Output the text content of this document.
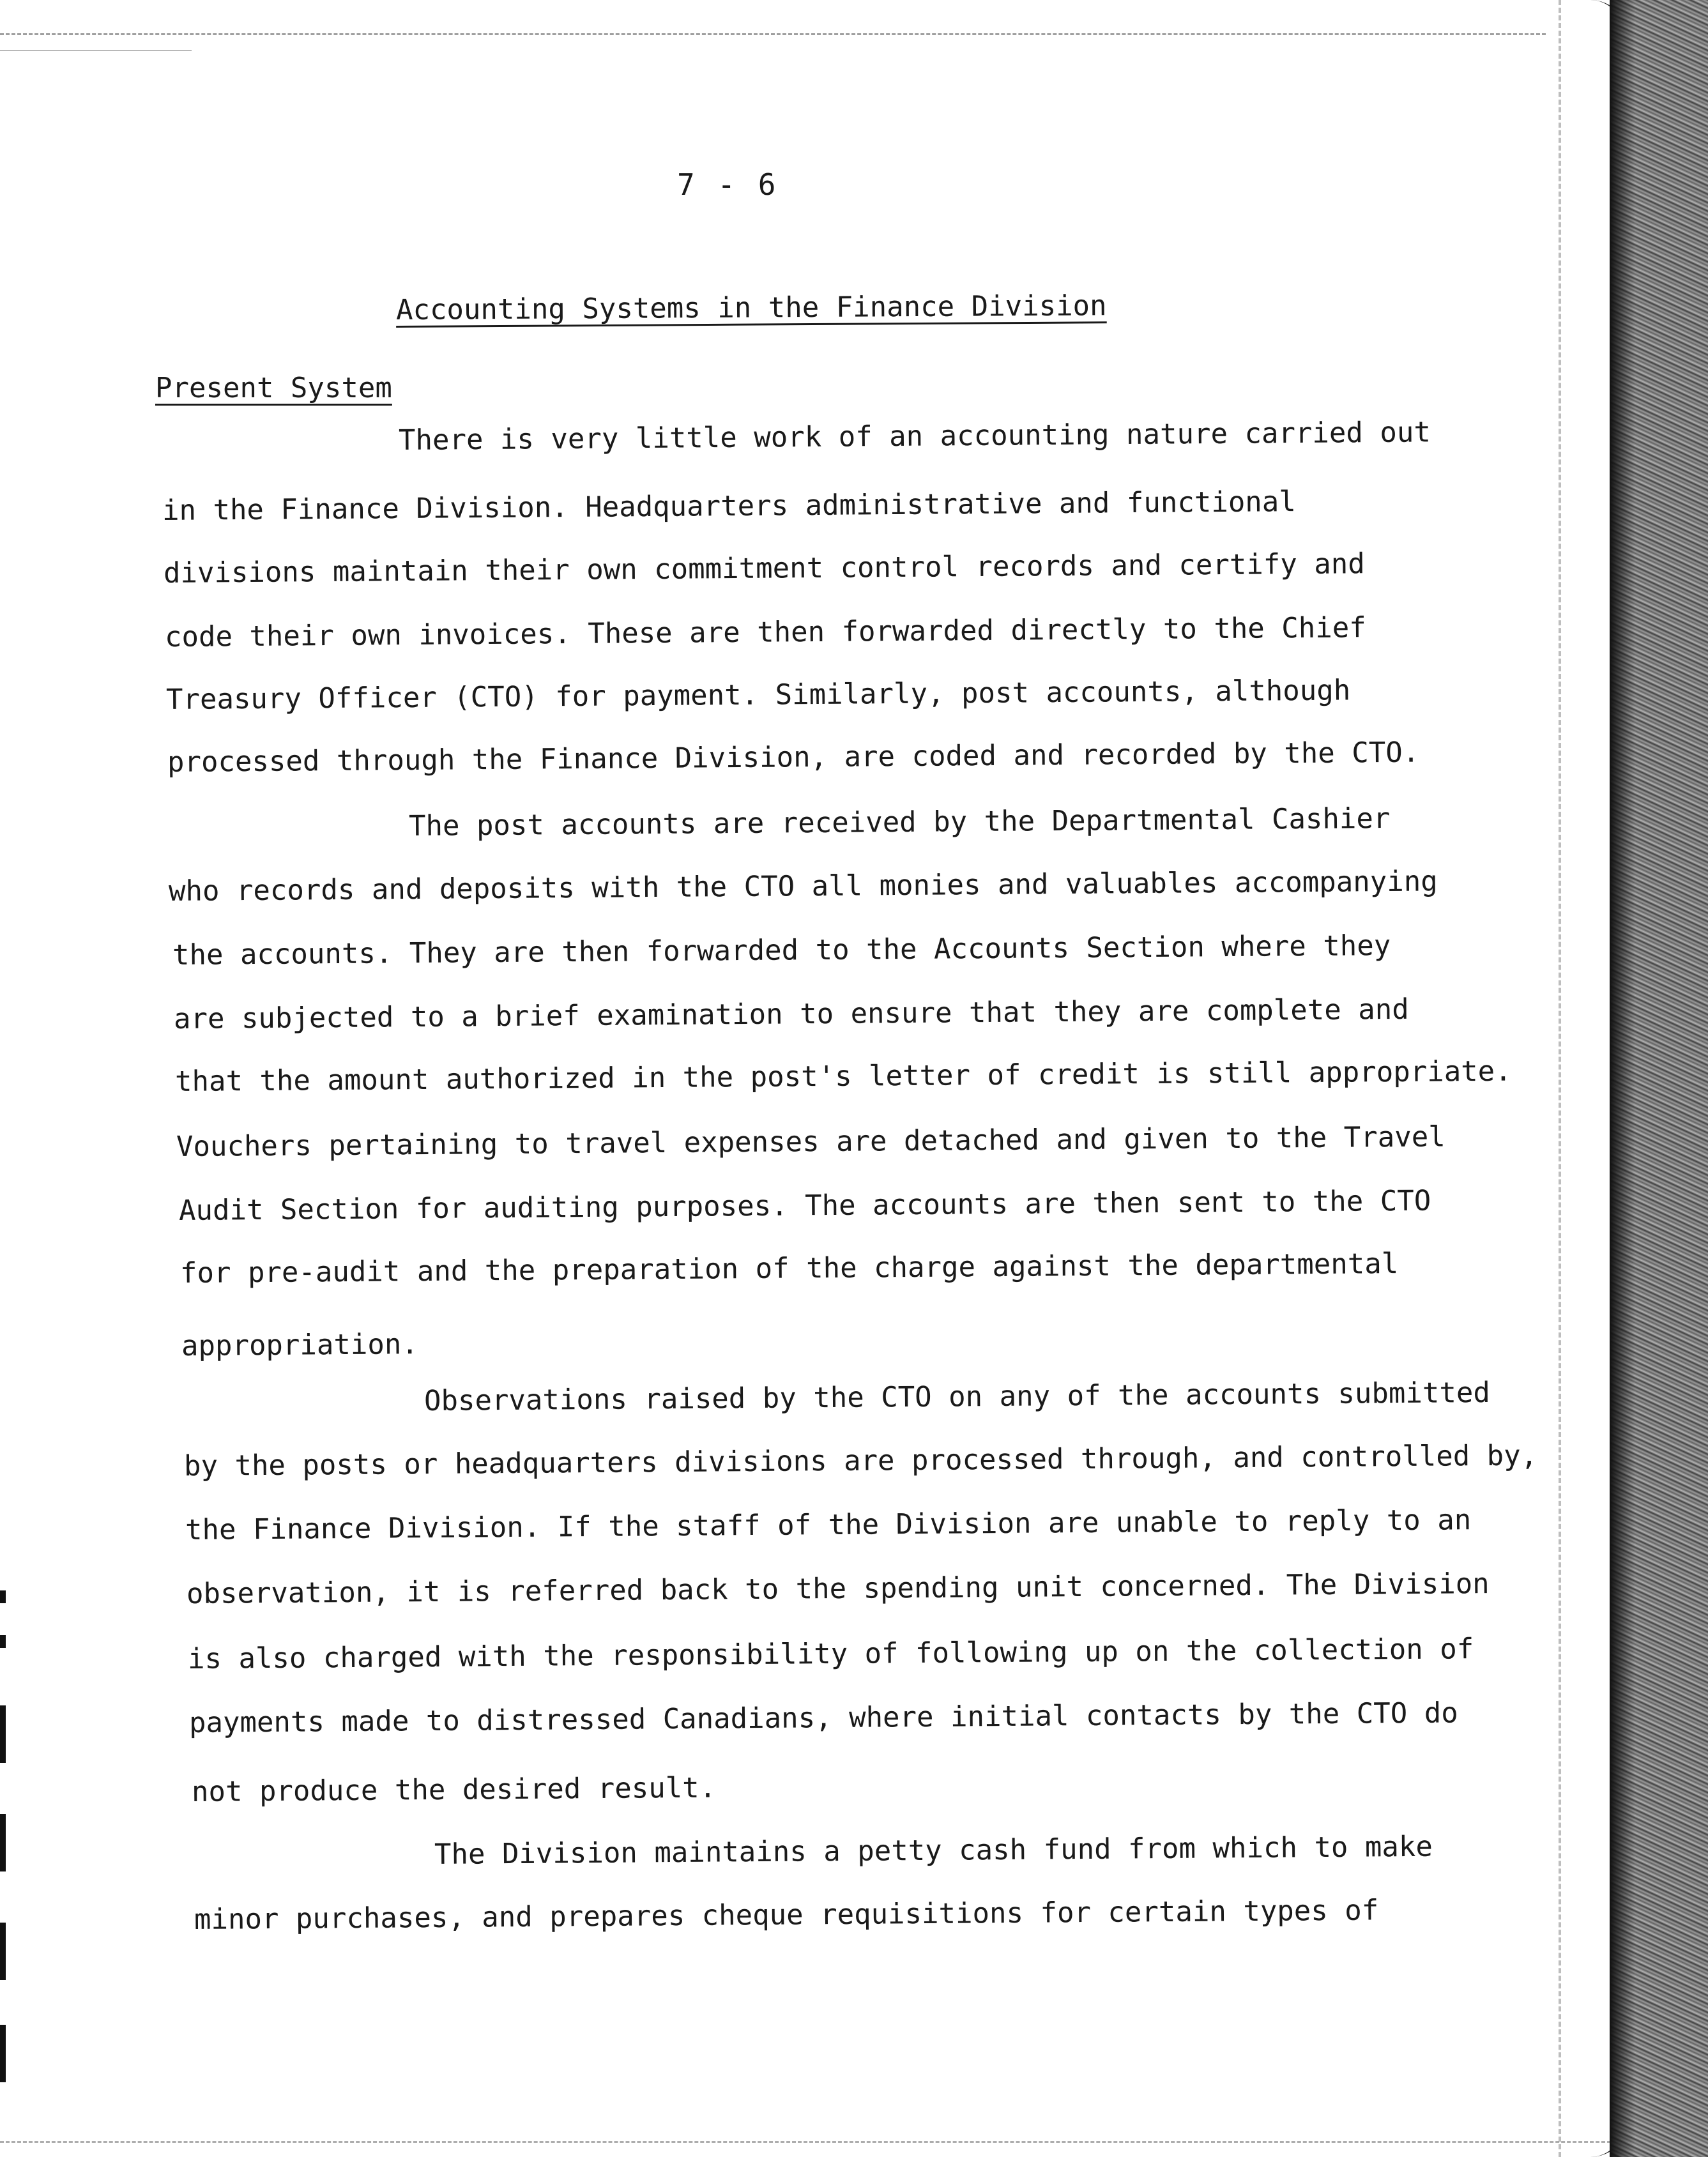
7 - 6
Accounting Systems in the Finance Division
Present System
There is very little work of an accounting nature carried out
in the Finance Division. Headquarters administrative and functional
divisions maintain their own commitment control records and certify and
code their own invoices. These are then forwarded directly to the Chief
Treasury Officer (CTO) for payment. Similarly, post accounts, although
processed through the Finance Division, are coded and recorded by the CTO.
The post accounts are received by the Departmental Cashier
who records and deposits with the CTO all monies and valuables accompanying
the accounts. They are then forwarded to the Accounts Section where they
are subjected to a brief examination to ensure that they are complete and
that the amount authorized in the post's letter of credit is still appropriate.
Vouchers pertaining to travel expenses are detached and given to the Travel
Audit Section for auditing purposes. The accounts are then sent to the CTO
for pre-audit and the preparation of the charge against the departmental
appropriation.
Observations raised by the CTO on any of the accounts submitted
by the posts or headquarters divisions are processed through, and controlled by,
the Finance Division. If the staff of the Division are unable to reply to an
observation, it is referred back to the spending unit concerned. The Division
is also charged with the responsibility of following up on the collection of
payments made to distressed Canadians, where initial contacts by the CTO do
not produce the desired result.
The Division maintains a petty cash fund from which to make
minor purchases, and prepares cheque requisitions for certain types of
